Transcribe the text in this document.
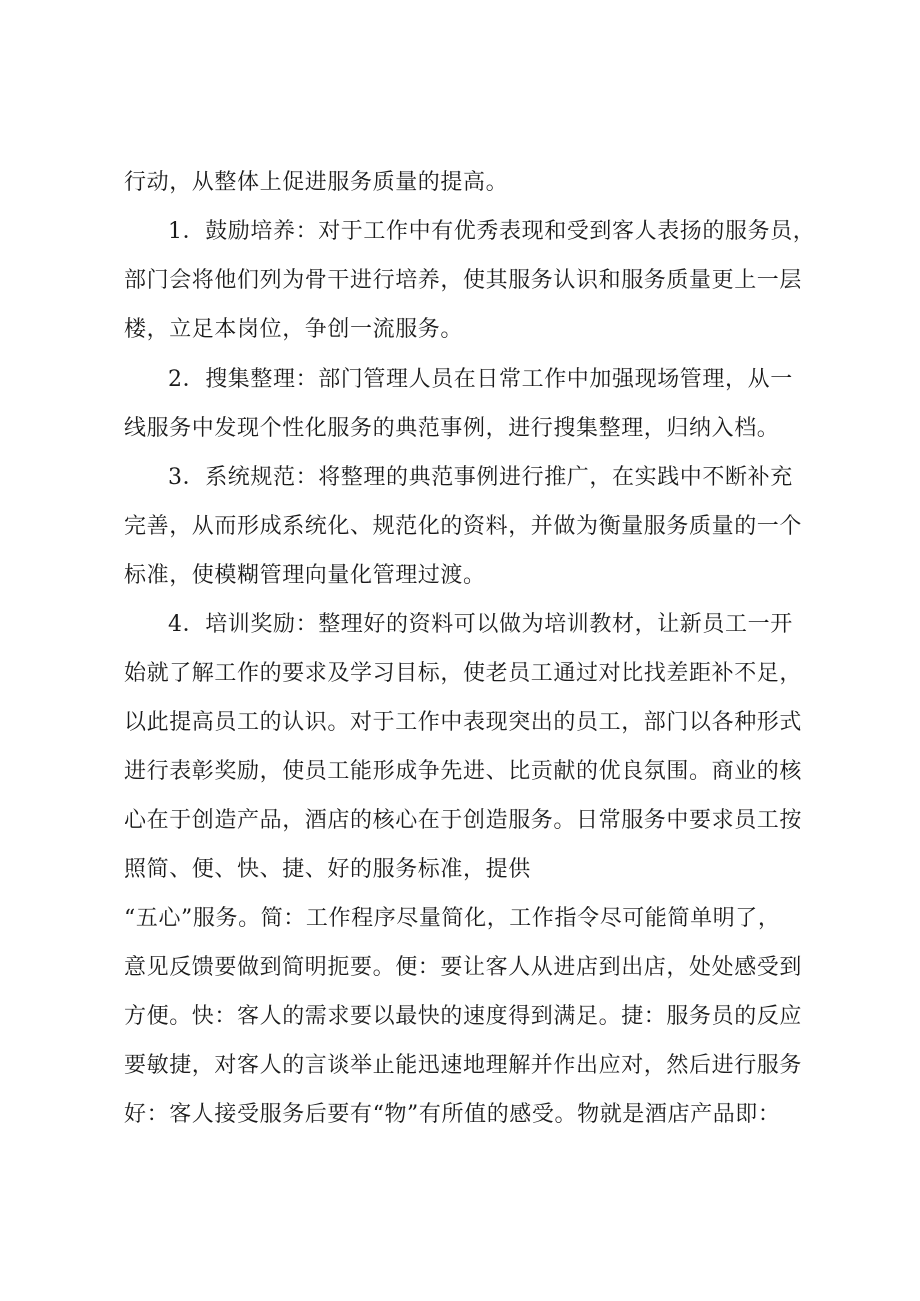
行动，从整体上促进服务质量的提高。
1．鼓励培养：对于工作中有优秀表现和受到客人表扬的服务员，
部门会将他们列为骨干进行培养，使其服务认识和服务质量更上一层
楼，立足本岗位，争创一流服务。
2．搜集整理：部门管理人员在日常工作中加强现场管理，从一
线服务中发现个性化服务的典范事例，进行搜集整理，归纳入档。
3．系统规范：将整理的典范事例进行推广，在实践中不断补充
完善，从而形成系统化、规范化的资料，并做为衡量服务质量的一个
标准，使模糊管理向量化管理过渡。
4．培训奖励：整理好的资料可以做为培训教材，让新员工一开
始就了解工作的要求及学习目标，使老员工通过对比找差距补不足，
以此提高员工的认识。对于工作中表现突出的员工，部门以各种形式
进行表彰奖励，使员工能形成争先进、比贡献的优良氛围。商业的核
心在于创造产品，酒店的核心在于创造服务。日常服务中要求员工按
照简、便、快、捷、好的服务标准，提供
“五心”服务。简：工作程序尽量简化，工作指令尽可能简单明了，
意见反馈要做到简明扼要。便：要让客人从进店到出店，处处感受到
方便。快：客人的需求要以最快的速度得到满足。捷：服务员的反应
要敏捷，对客人的言谈举止能迅速地理解并作出应对，然后进行服务
好：客人接受服务后要有“物”有所值的感受。物就是酒店产品即：
